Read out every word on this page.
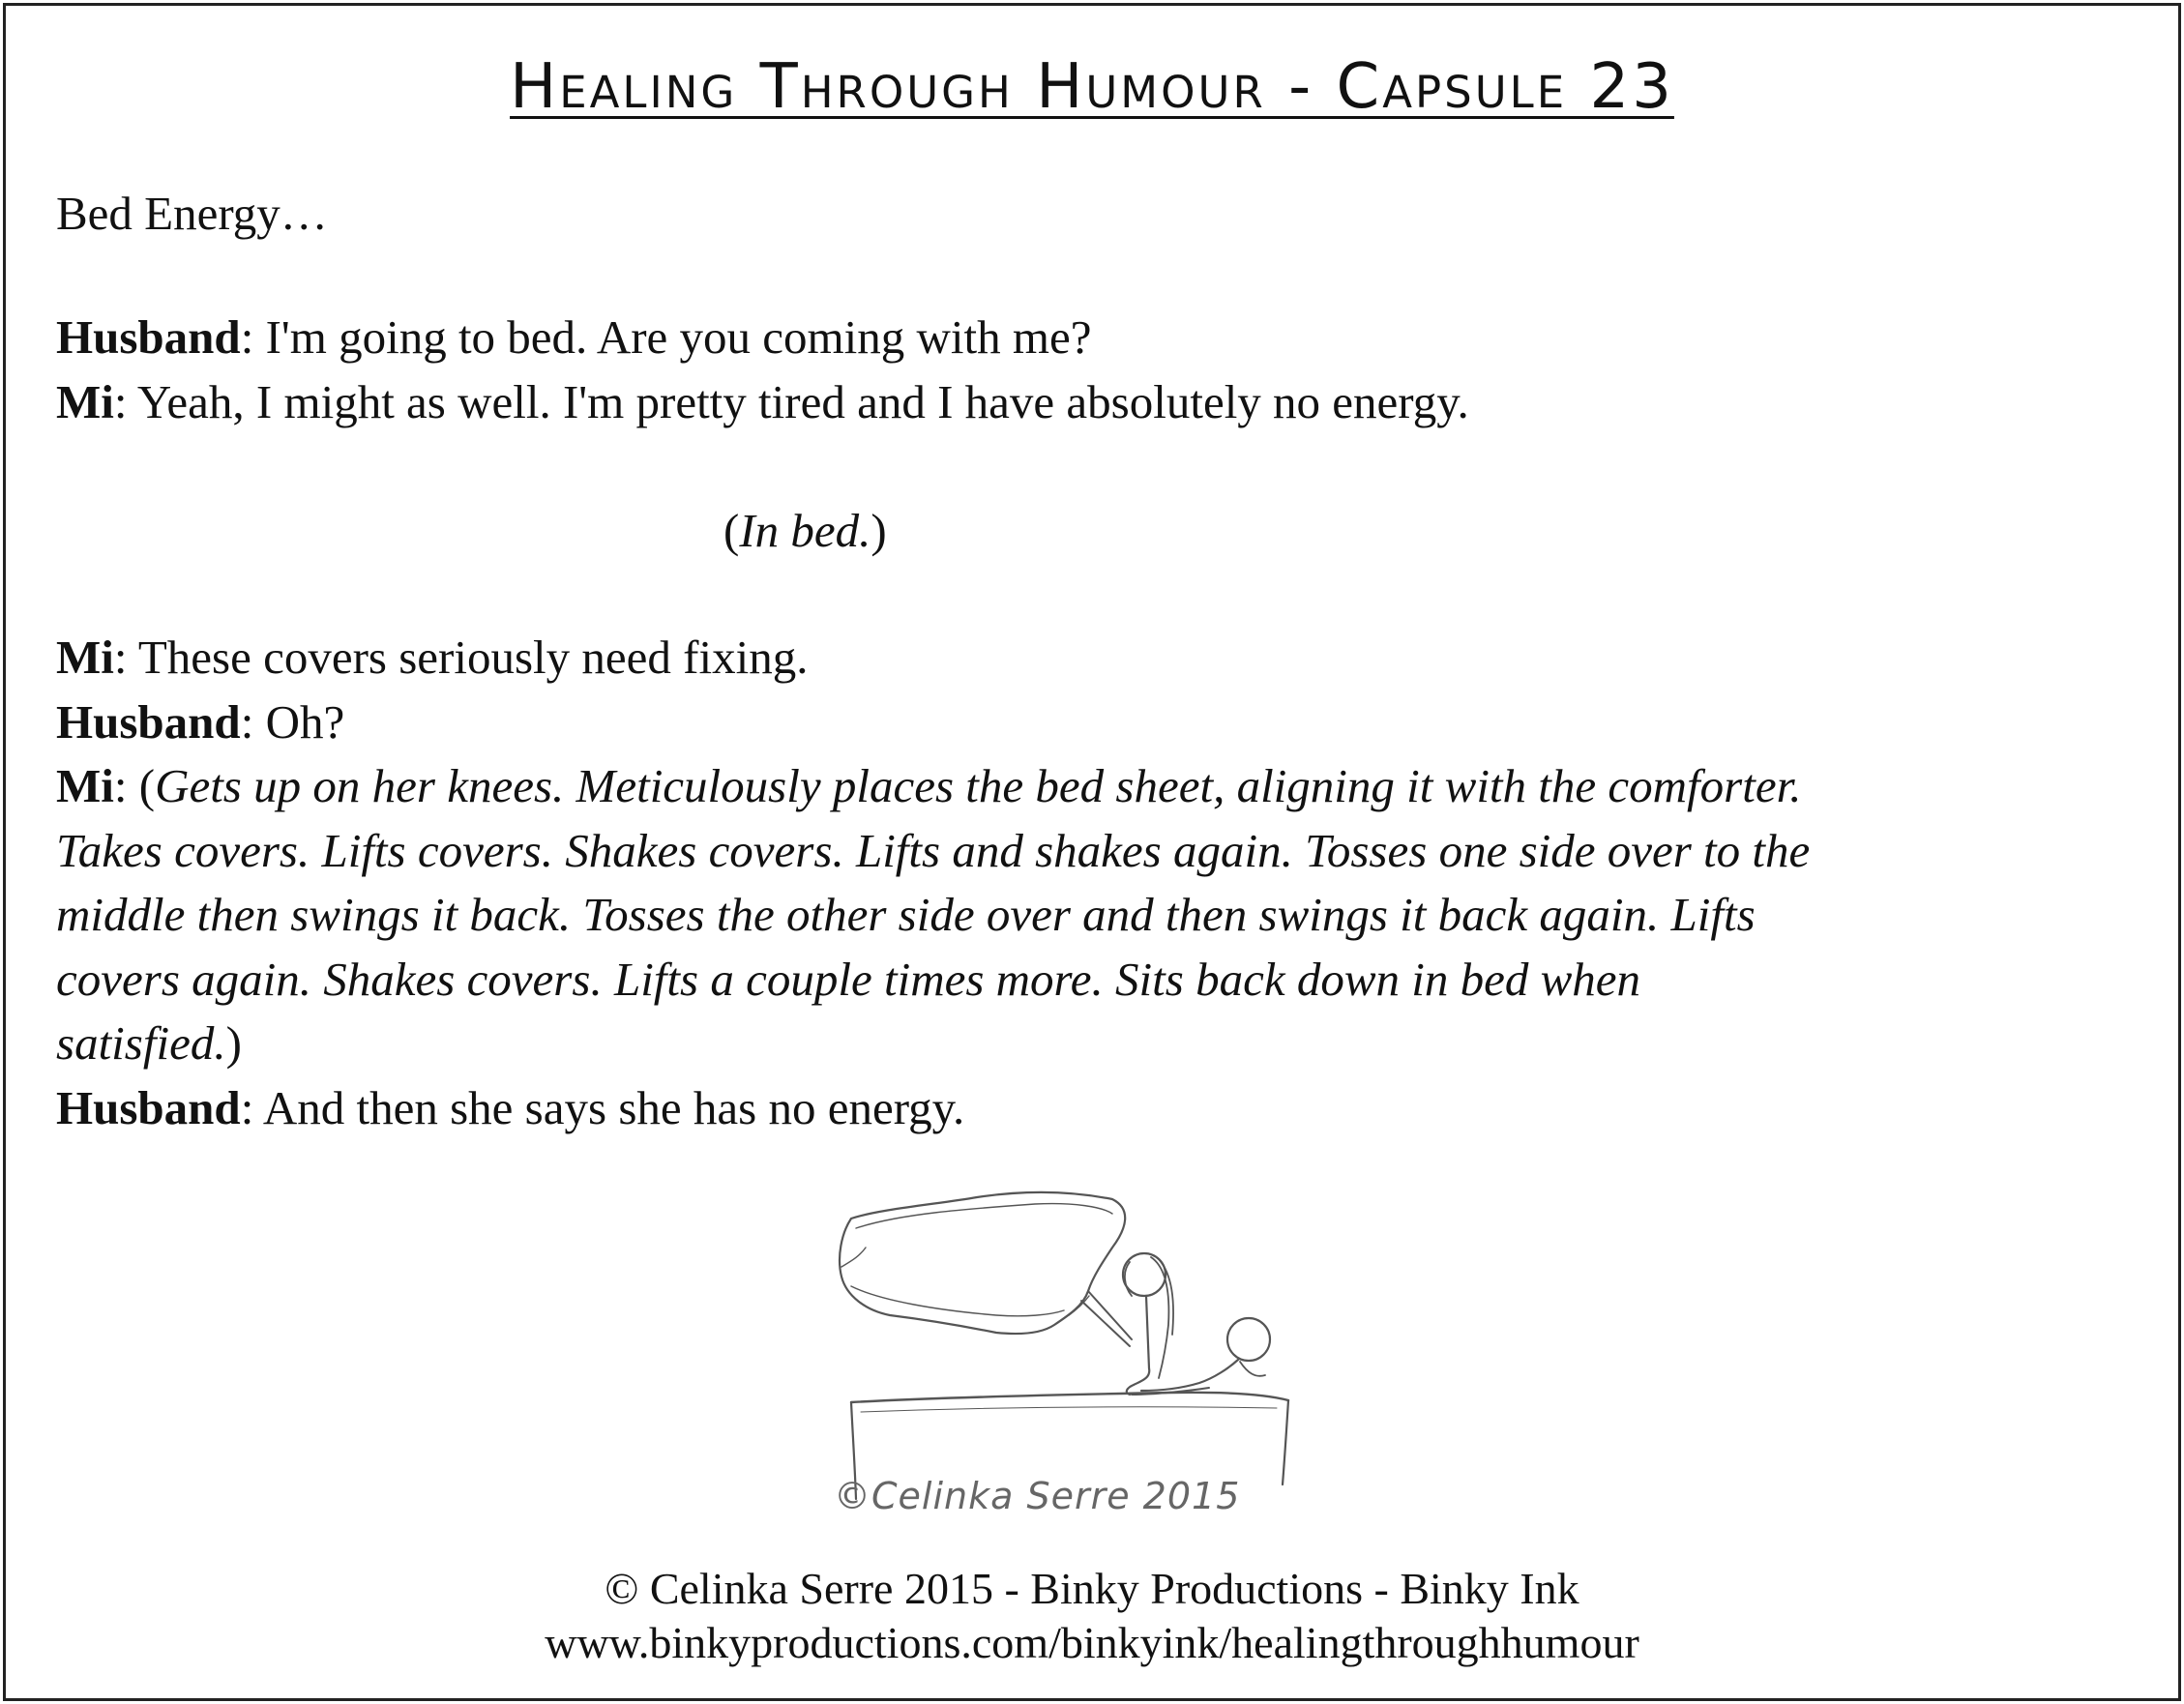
Healing Through Humour - Capsule 23

Bed Energy…

Husband: I'm going to bed. Are you coming with me?

Mi: Yeah, I might as well. I'm pretty tired and I have absolutely no energy.

(In bed.)

Mi: These covers seriously need fixing.

Husband: Oh?

Mi: (Gets up on her knees. Meticulously places the bed sheet, aligning it with the comforter.

Takes covers. Lifts covers. Shakes covers. Lifts and shakes again. Tosses one side over to the

middle then swings it back. Tosses the other side over and then swings it back again. Lifts

covers again. Shakes covers. Lifts a couple times more. Sits back down in bed when

satisfied.)

Husband: And then she says she has no energy.

©Celinka Serre 2015
© Celinka Serre 2015 - Binky Productions - Binky Ink
www.binkyproductions.com/binkyink/healingthroughhumour
